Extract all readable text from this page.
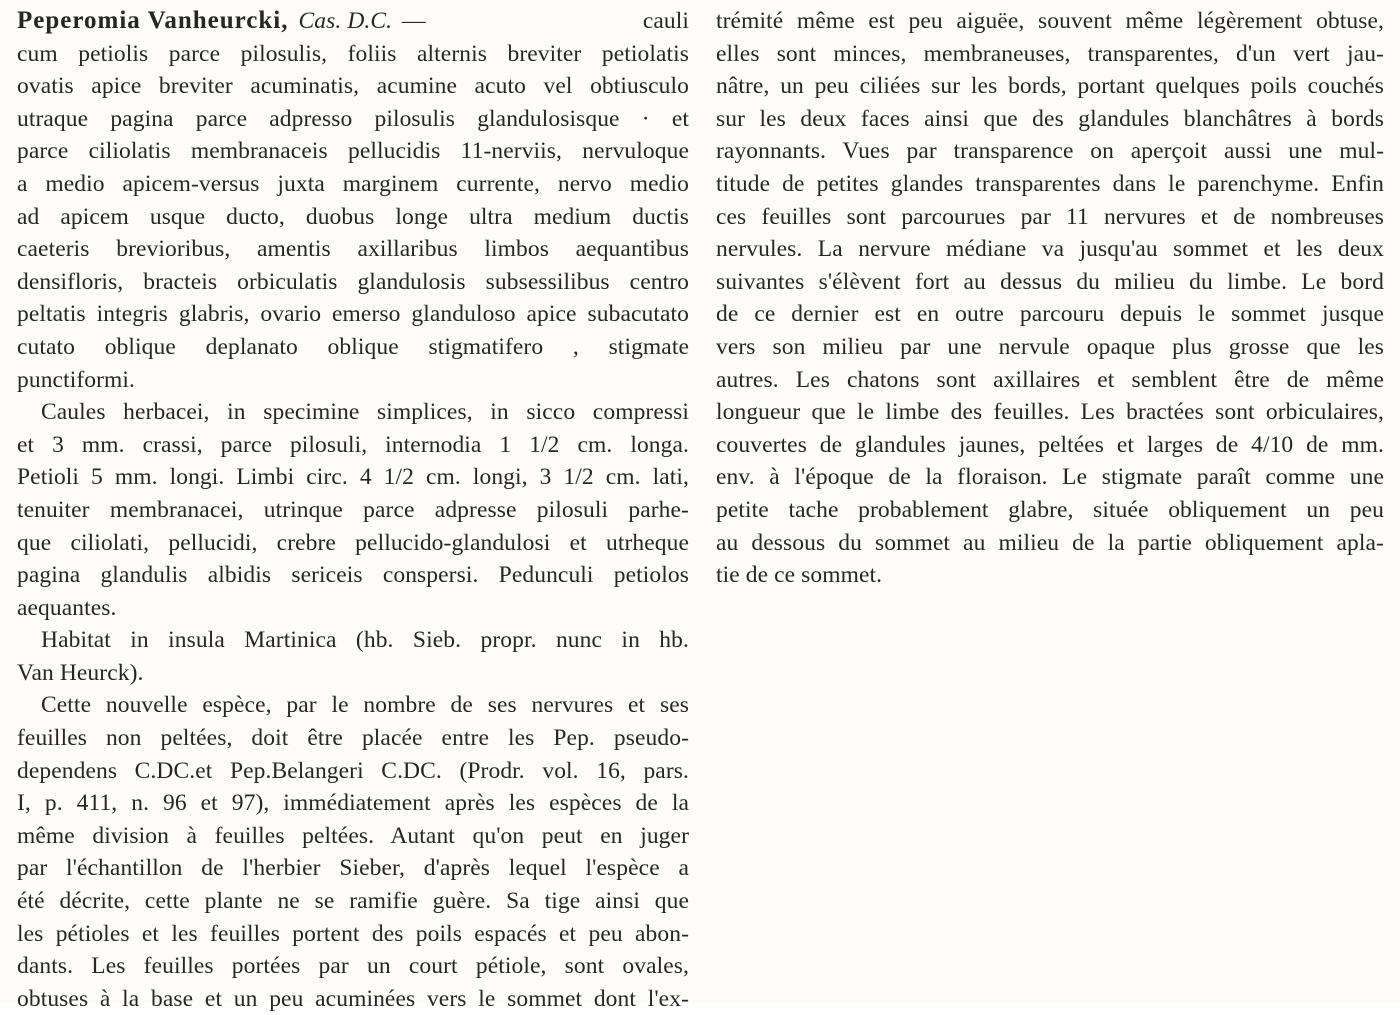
Peperomia Vanheurcki, Cas. D.C. — cauli
cum petiolis parce pilosulis, foliis alternis breviter petiolatis
ovatis apice breviter acuminatis, acumine acuto vel obtiusculo
utraque pagina parce adpresso pilosulis glandulosisque · et
parce ciliolatis membranaceis pellucidis 11-nerviis, nervuloque
a medio apicem-versus juxta marginem currente, nervo medio
ad apicem usque ducto, duobus longe ultra medium ductis
caeteris brevioribus, amentis axillaribus limbos aequantibus
densifloris, bracteis orbiculatis glandulosis subsessilibus centro
peltatis integris glabris, ovario emerso glanduloso apice subacutato
cutato oblique deplanato oblique stigmatifero , stigmate
punctiformi.
Caules herbacei, in specimine simplices, in sicco compressi
et 3 mm. crassi, parce pilosuli, internodia 1 1/2 cm. longa.
Petioli 5 mm. longi. Limbi circ. 4 1/2 cm. longi, 3 1/2 cm. lati,
tenuiter membranacei, utrinque parce adpresse pilosuli parhe-
que ciliolati, pellucidi, crebre pellucido-glandulosi et utrheque
pagina glandulis albidis sericeis conspersi. Pedunculi petiolos
aequantes.
Habitat in insula Martinica (hb. Sieb. propr. nunc in hb.
Van Heurck).
Cette nouvelle espèce, par le nombre de ses nervures et ses
feuilles non peltées, doit être placée entre les Pep. pseudo-
dependens C.DC.et Pep.Belangeri C.DC. (Prodr. vol. 16, pars.
I, p. 411, n. 96 et 97), immédiatement après les espèces de la
même division à feuilles peltées. Autant qu'on peut en juger
par l'échantillon de l'herbier Sieber, d'après lequel l'espèce a
été décrite, cette plante ne se ramifie guère. Sa tige ainsi que
les pétioles et les feuilles portent des poils espacés et peu abon-
dants. Les feuilles portées par un court pétiole, sont ovales,
obtuses à la base et un peu acuminées vers le sommet dont l'ex-
trémité même est peu aiguëe, souvent même légèrement obtuse,
elles sont minces, membraneuses, transparentes, d'un vert jau-
nâtre, un peu ciliées sur les bords, portant quelques poils couchés
sur les deux faces ainsi que des glandules blanchâtres à bords
rayonnants. Vues par transparence on aperçoit aussi une mul-
titude de petites glandes transparentes dans le parenchyme. Enfin
ces feuilles sont parcourues par 11 nervures et de nombreuses
nervules. La nervure médiane va jusqu'au sommet et les deux
suivantes s'élèvent fort au dessus du milieu du limbe. Le bord
de ce dernier est en outre parcouru depuis le sommet jusque
vers son milieu par une nervule opaque plus grosse que les
autres. Les chatons sont axillaires et semblent être de même
longueur que le limbe des feuilles. Les bractées sont orbiculaires,
couvertes de glandules jaunes, peltées et larges de 4/10 de mm.
env. à l'époque de la floraison. Le stigmate paraît comme une
petite tache probablement glabre, située obliquement un peu
au dessous du sommet au milieu de la partie obliquement apla-
tie de ce sommet.
